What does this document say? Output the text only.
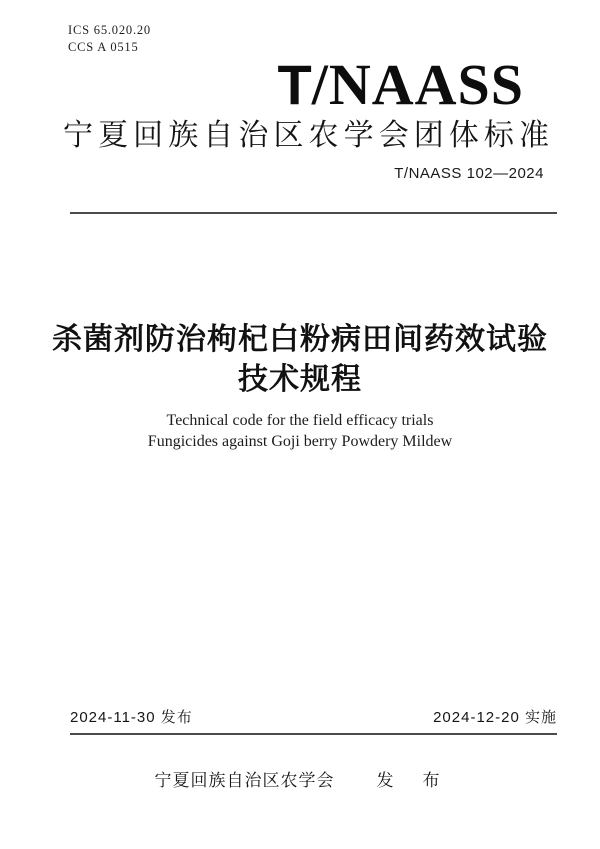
ICS 65.020.20
CCS A 0515
T/NAASS
宁夏回族自治区农学会团体标准
T/NAASS 102—2024
杀菌剂防治枸杞白粉病田间药效试验
技术规程
Technical code for the field efficacy trials
Fungicides against Goji berry Powdery Mildew
2024-11-30 发布	2024-12-20 实施
宁夏回族自治区农学会 发　布
